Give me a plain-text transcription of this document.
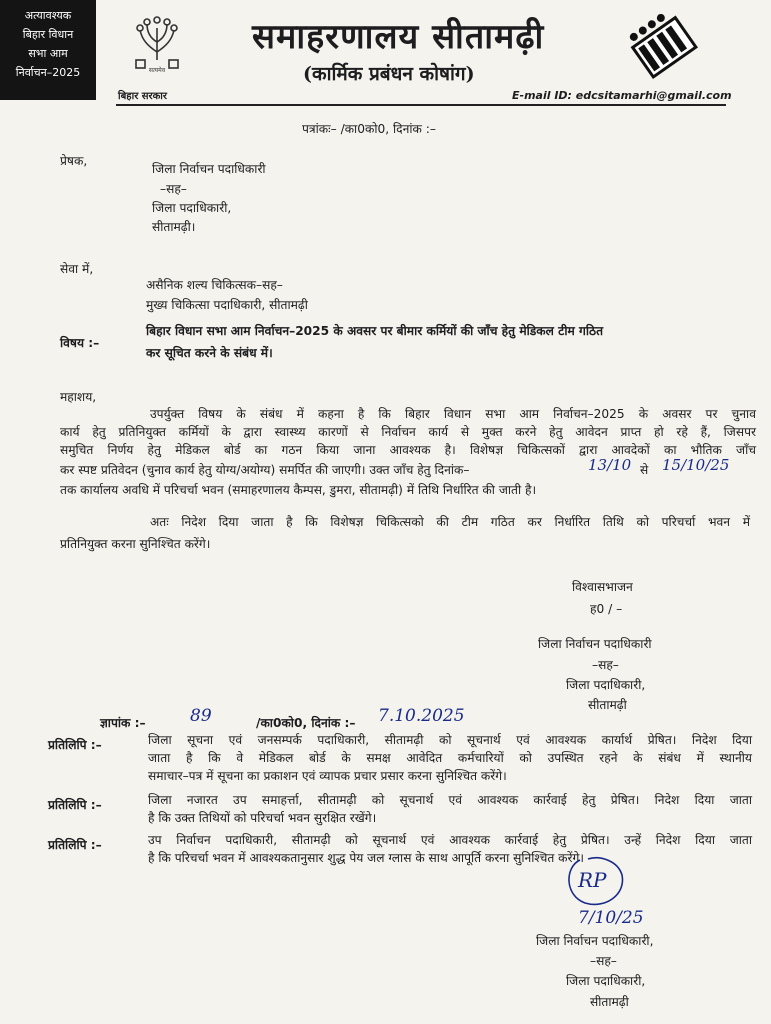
अत्यावश्यक
बिहार विधान
सभा आम
निर्वाचन–2025	सत्यमेव
बिहार सरकार
समाहरणालय सीतामढ़ी
(कार्मिक प्रबंधन कोषांग)
E-mail ID: edcsitamarhi@gmail.com
पत्रांकः– /का0को0, दिनांक :–
प्रेषक,
जिला निर्वाचन पदाधिकारी
–सह–
जिला पदाधिकारी,
सीतामढ़ी।
सेवा में,
असैनिक शल्य चिकित्सक–सह–
मुख्य चिकित्सा पदाधिकारी, सीतामढ़ी
विषय :–
बिहार विधान सभा आम निर्वाचन–2025 के अवसर पर बीमार कर्मियों की जाँच हेतु मेडिकल टीम गठित
कर सूचित करने के संबंध में।
महाशय,
उपर्युक्त विषय के संबंध में कहना है कि बिहार विधान सभा आम निर्वाचन–2025 के अवसर पर चुनाव
कार्य हेतु प्रतिनियुक्त कर्मियों के द्वारा स्वास्थ्य कारणों से निर्वाचन कार्य से मुक्त करने हेतु आवेदन प्राप्त हो रहे हैं, जिसपर
समुचित निर्णय हेतु मेडिकल बोर्ड का गठन किया जाना आवश्यक है। विशेषज्ञ चिकित्सकों द्वारा आवदेकों का भौतिक जाँच
कर स्पष्ट प्रतिवेदन (चुनाव कार्य हेतु योग्य/अयोग्य) समर्पित की जाएगी। उक्त जाँच हेतु दिनांक–	13/10 से 15/10/25
तक कार्यालय अवधि में परिचर्चा भवन (समाहरणालय कैम्पस, डुमरा, सीतामढ़ी) में तिथि निर्धारित की जाती है।
अतः निदेश दिया जाता है कि विशेषज्ञ चिकित्सको की टीम गठित कर निर्धारित तिथि को परिचर्चा भवन में
प्रतिनियुक्त करना सुनिश्चित करेंगे।
विश्वासभाजन
ह0 / –
जिला निर्वाचन पदाधिकारी
–सह–
जिला पदाधिकारी,
सीतामढ़ी
ज्ञापांक :–	89	/का0को0, दिनांक :– 7.10.2025
प्रतिलिपि :–	जिला सूचना एवं जनसम्पर्क पदाधिकारी, सीतामढ़ी को सूचनार्थ एवं आवश्यक कार्यार्थ प्रेषित। निदेश दिया
जाता है कि वे मेडिकल बोर्ड के समक्ष आवेदित कर्मचारियों को उपस्थित रहने के संबंध में स्थानीय
समाचार–पत्र में सूचना का प्रकाशन एवं व्यापक प्रचार प्रसार करना सुनिश्चित करेंगे।
प्रतिलिपि :–	जिला नजारत उप समाहर्त्ता, सीतामढ़ी को सूचनार्थ एवं आवश्यक कार्रवाई हेतु प्रेषित। निदेश दिया जाता
है कि उक्त तिथियों को परिचर्चा भवन सुरक्षित रखेंगे।
प्रतिलिपि :–	उप निर्वाचन पदाधिकारी, सीतामढ़ी को सूचनार्थ एवं आवश्यक कार्रवाई हेतु प्रेषित। उन्हें निदेश दिया जाता
है कि परिचर्चा भवन में आवश्यकतानुसार शुद्ध पेय जल ग्लास के साथ आपूर्ति करना सुनिश्चित करेंगे।
RP
7/10/25
जिला निर्वाचन पदाधिकारी,
–सह–
जिला पदाधिकारी,
सीतामढ़ी
